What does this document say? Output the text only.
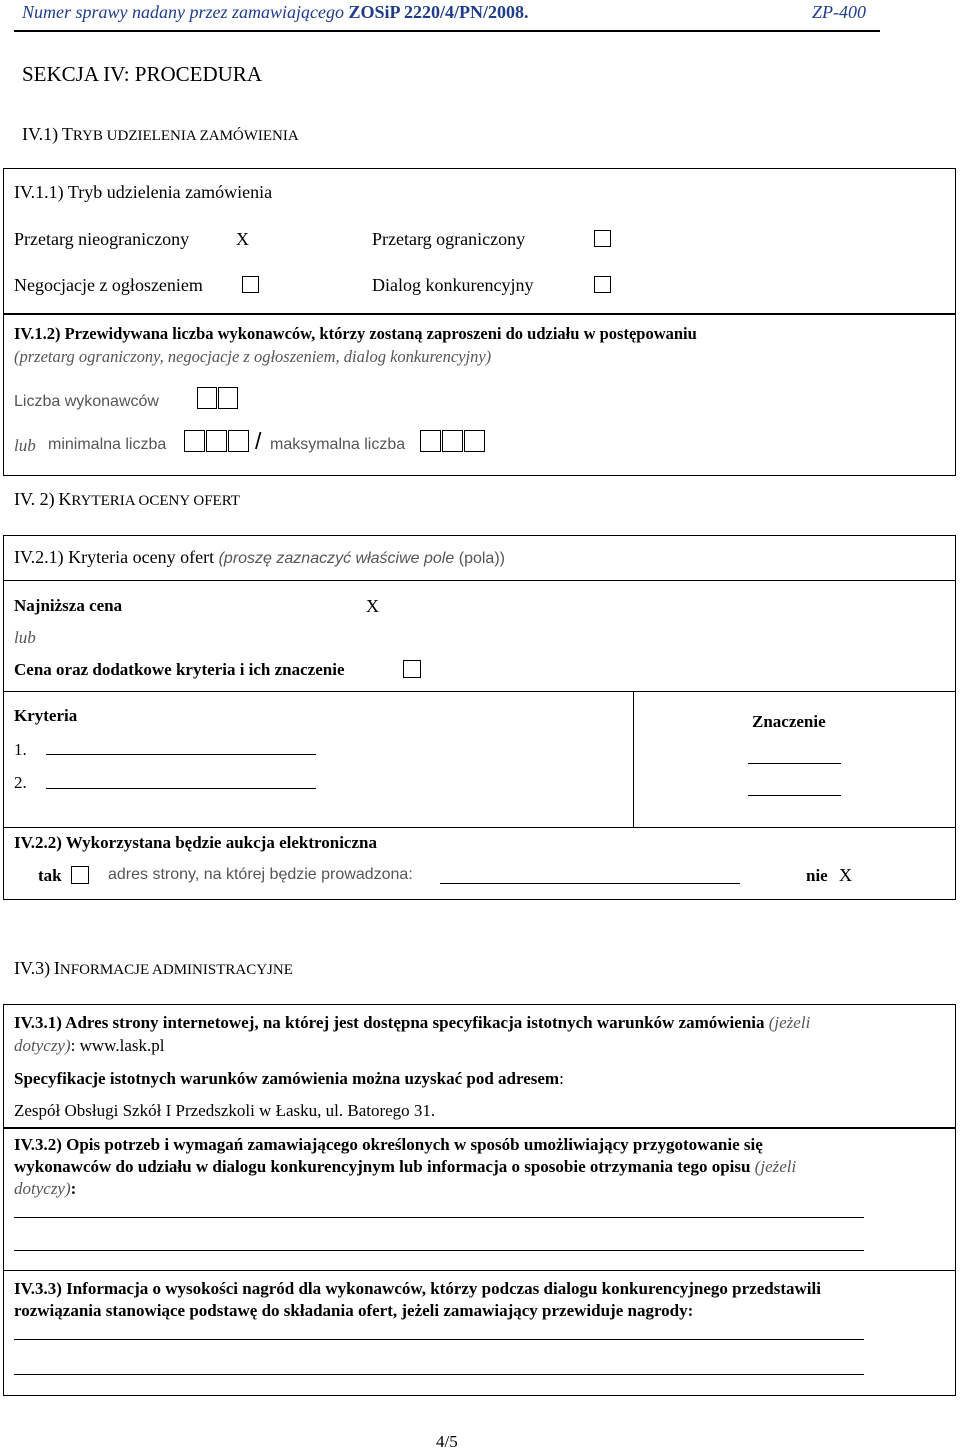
Numer sprawy nadany przez zamawiającego ZOSiP 2220/4/PN/2008.	ZP-400
SEKCJA IV: PROCEDURA
IV.1) TRYB UDZIELENIA ZAMÓWIENIA
IV.1.1) Tryb udzielenia zamówienia
Przetarg nieograniczony	X	Przetarg ograniczony
Negocjacje z ogłoszeniem	Dialog konkurencyjny
IV.1.2) Przewidywana liczba wykonawców, którzy zostaną zaproszeni do udziału w postępowaniu
(przetarg ograniczony, negocjacje z ogłoszeniem, dialog konkurencyjny)
Liczba wykonawców
lub minimalna liczba	/ maksymalna liczba
IV. 2) KRYTERIA OCENY OFERT
IV.2.1) Kryteria oceny ofert (proszę zaznaczyć właściwe pole (pola))
Najniższa cena	X
lub
Cena oraz dodatkowe kryteria i ich znaczenie
Kryteria
1.
2.
Znaczenie
IV.2.2) Wykorzystana będzie aukcja elektroniczna
tak	adres strony, na której będzie prowadzona:	nie X
IV.3) INFORMACJE ADMINISTRACYJNE
IV.3.1) Adres strony internetowej, na której jest dostępna specyfikacja istotnych warunków zamówienia (jeżeli
dotyczy): www.lask.pl
Specyfikacje istotnych warunków zamówienia można uzyskać pod adresem:
Zespół Obsługi Szkół I Przedszkoli w Łasku, ul. Batorego 31.
IV.3.2) Opis potrzeb i wymagań zamawiającego określonych w sposób umożliwiający przygotowanie się
wykonawców do udziału w dialogu konkurencyjnym lub informacja o sposobie otrzymania tego opisu (jeżeli
dotyczy):
IV.3.3) Informacja o wysokości nagród dla wykonawców, którzy podczas dialogu konkurencyjnego przedstawili
rozwiązania stanowiące podstawę do składania ofert, jeżeli zamawiający przewiduje nagrody:
4/5
